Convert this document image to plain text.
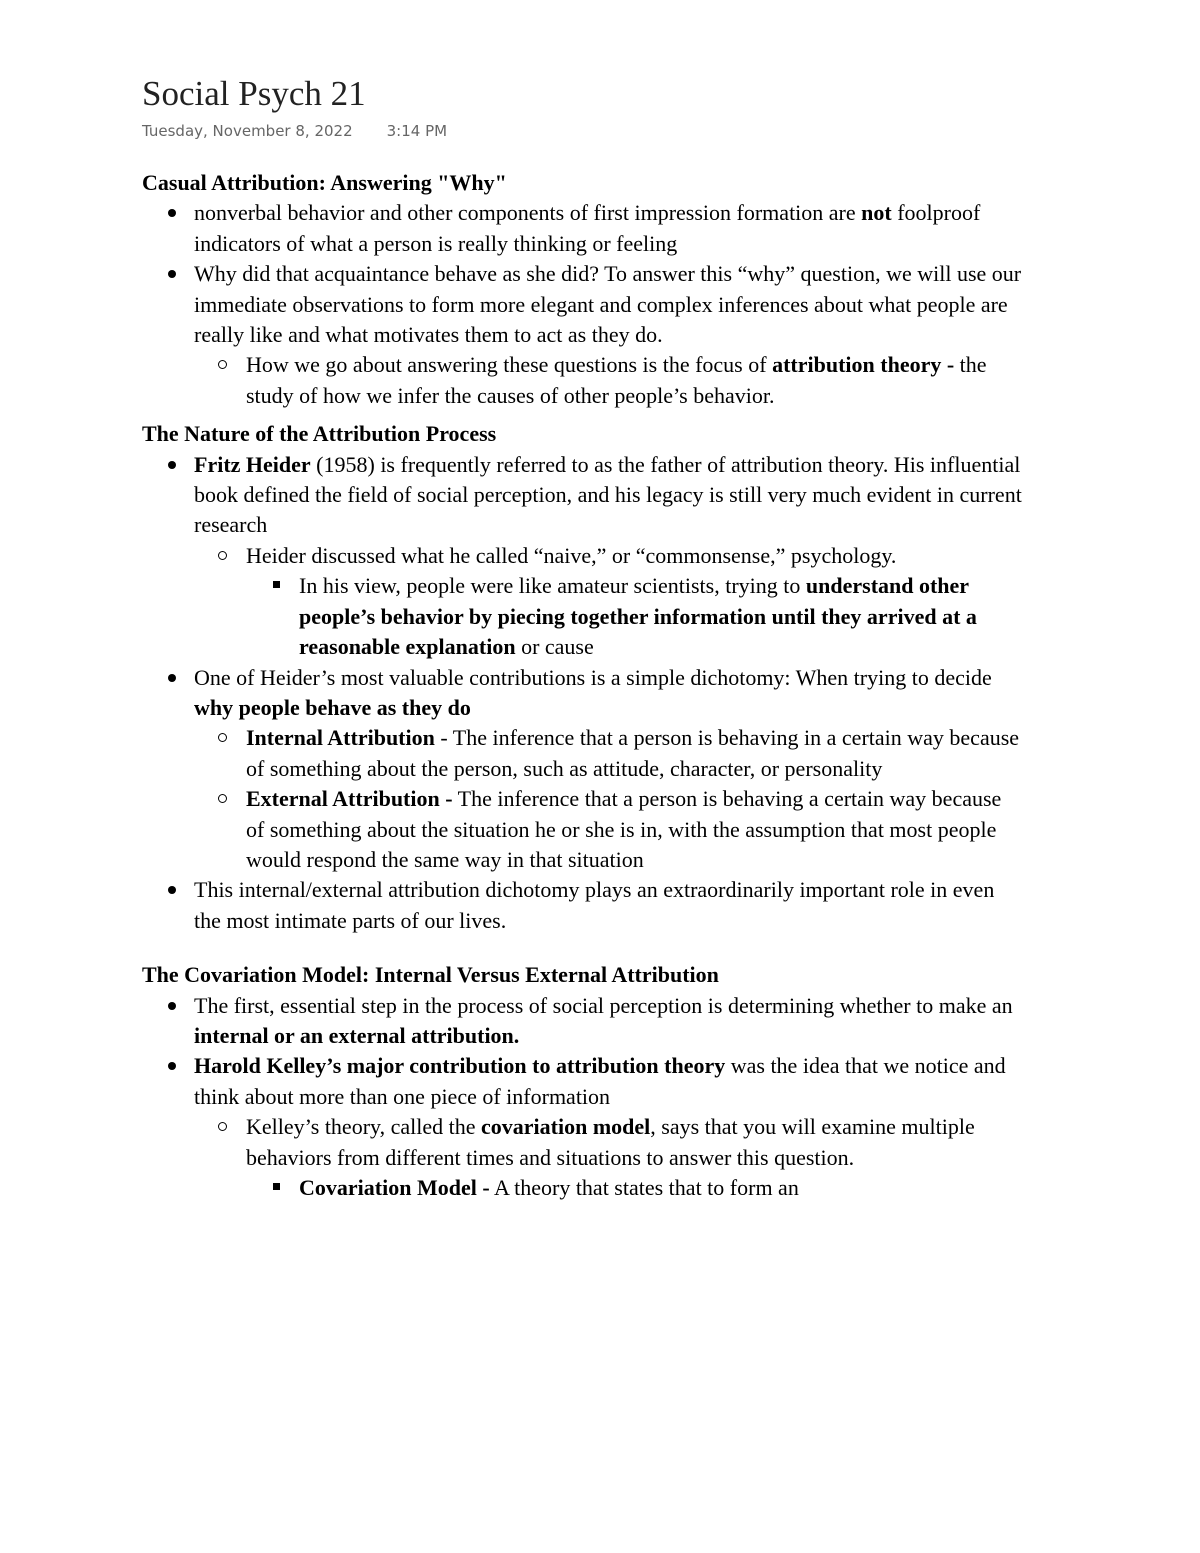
Social Psych 21
Tuesday, November 8, 2022 3:14 PM
Casual Attribution: Answering "Why"
nonverbal behavior and other components of first impression formation are not foolproof indicators of what a person is really thinking or feeling
Why did that acquaintance behave as she did? To answer this “why” question, we will use our immediate observations to form more elegant and complex inferences about what people are really like and what motivates them to act as they do.
How we go about answering these questions is the focus of attribution theory - the study of how we infer the causes of other people’s behavior.
The Nature of the Attribution Process
Fritz Heider (1958) is frequently referred to as the father of attribution theory. His influential book defined the field of social perception, and his legacy is still very much evident in current research
Heider discussed what he called “naive,” or “commonsense,” psychology.
In his view, people were like amateur scientists, trying to understand other people’s behavior by piecing together information until they arrived at a reasonable explanation or cause
One of Heider’s most valuable contributions is a simple dichotomy: When trying to decide why people behave as they do
Internal Attribution - The inference that a person is behaving in a certain way because of something about the person, such as attitude, character, or personality
External Attribution - The inference that a person is behaving a certain way because of something about the situation he or she is in, with the assumption that most people would respond the same way in that situation
This internal/external attribution dichotomy plays an extraordinarily important role in even the most intimate parts of our lives.
The Covariation Model: Internal Versus External Attribution
The first, essential step in the process of social perception is determining whether to make an internal or an external attribution.
Harold Kelley’s major contribution to attribution theory was the idea that we notice and think about more than one piece of information
Kelley’s theory, called the covariation model, says that you will examine multiple behaviors from different times and situations to answer this question.
Covariation Model - A theory that states that to form an
